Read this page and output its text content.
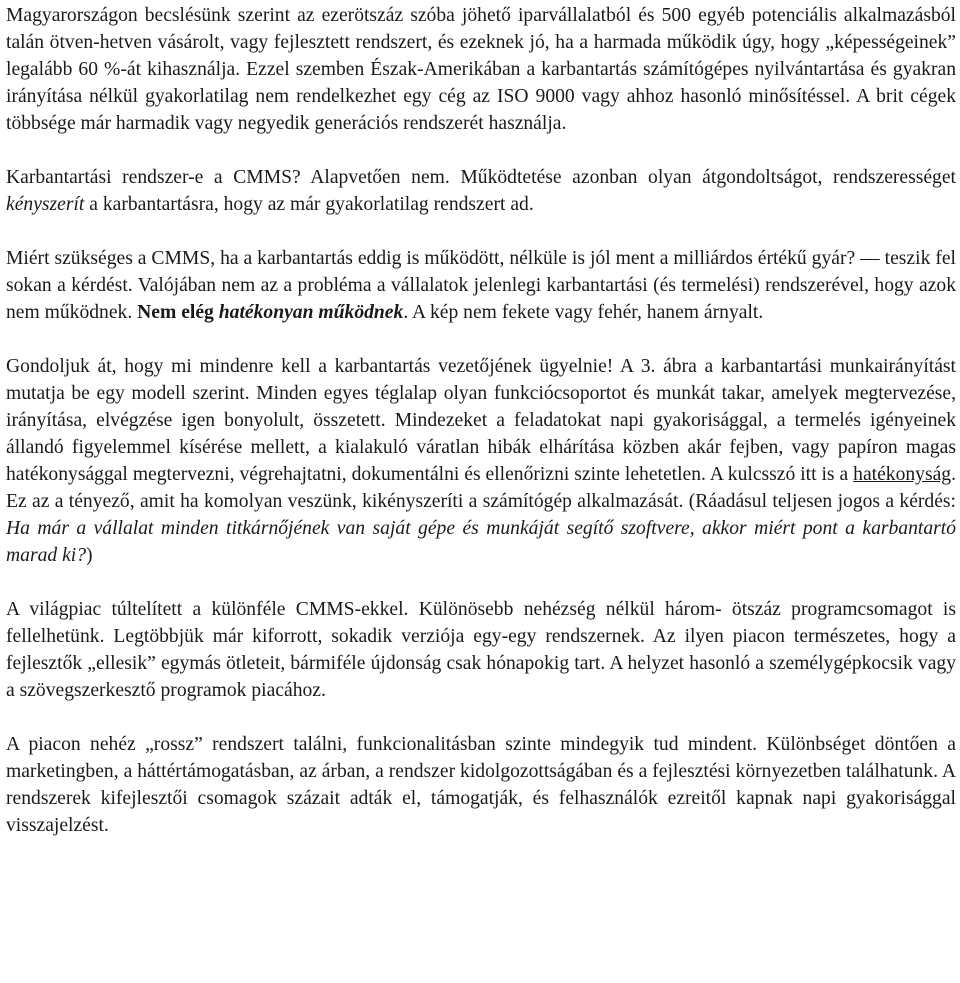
Magyarországon becslésünk szerint az ezerötszáz szóba jöhető iparvállalatból és 500 egyéb potenciális alkalmazásból talán ötven-hetven vásárolt, vagy fejlesztett rendszert, és ezeknek jó, ha a harmada működik úgy, hogy „képességeinek” legalább 60 %-át kihasználja. Ezzel szemben Észak-Amerikában a karbantartás számítógépes nyilvántartása és gyakran irányítása nélkül gyakorlatilag nem rendelkezhet egy cég az ISO 9000 vagy ahhoz hasonló minősítéssel. A brit cégek többsége már harmadik vagy negyedik generációs rendszerét használja.

Karbantartási rendszer-e a CMMS? Alapvetően nem. Működtetése azonban olyan átgondoltságot, rendszerességet kényszerít a karbantartásra, hogy az már gyakorlatilag rendszert ad.

Miért szükséges a CMMS, ha a karbantartás eddig is működött, nélküle is jól ment a milliárdos értékű gyár? — teszik fel sokan a kérdést. Valójában nem az a probléma a vállalatok jelenlegi karbantartási (és termelési) rendszerével, hogy azok nem működnek. Nem elég hatékonyan működnek. A kép nem fekete vagy fehér, hanem árnyalt.

Gondoljuk át, hogy mi mindenre kell a karbantartás vezetőjének ügyelnie! A 3. ábra a karbantartási munkairányítást mutatja be egy modell szerint. Minden egyes téglalap olyan funkciócsoportot és munkát takar, amelyek megtervezése, irányítása, elvégzése igen bonyolult, összetett. Mindezeket a feladatokat napi gyakorisággal, a termelés igényeinek állandó figyelemmel kísérése mellett, a kialakuló váratlan hibák elhárítása közben akár fejben, vagy papíron magas hatékonysággal megtervezni, végrehajtatni, dokumentálni és ellenőrizni szinte lehetetlen. A kulcsszó itt is a hatékonyság. Ez az a tényező, amit ha komolyan veszünk, kikényszeríti a számítógép alkalmazását. (Ráadásul teljesen jogos a kérdés: Ha már a vállalat minden titkárnőjének van saját gépe és munkáját segítő szoftvere, akkor miért pont a karbantartó marad ki?)

A világpiac túltelített a különféle CMMS-ekkel. Különösebb nehézség nélkül három- ötszáz programcsomagot is fellelhetünk. Legtöbbjük már kiforrott, sokadik verziója egy-egy rendszernek. Az ilyen piacon természetes, hogy a fejlesztők „ellesik” egymás ötleteit, bármiféle újdonság csak hónapokig tart. A helyzet hasonló a személygépkocsik vagy a szövegszerkesztő programok piacához.

A piacon nehéz „rossz” rendszert találni, funkcionalitásban szinte mindegyik tud mindent. Különbséget döntően a marketingben, a háttértámogatásban, az árban, a rendszer kidolgozottságában és a fejlesztési környezetben találhatunk. A rendszerek kifejlesztői csomagok százait adták el, támogatják, és felhasználók ezreitől kapnak napi gyakorisággal visszajelzést.
